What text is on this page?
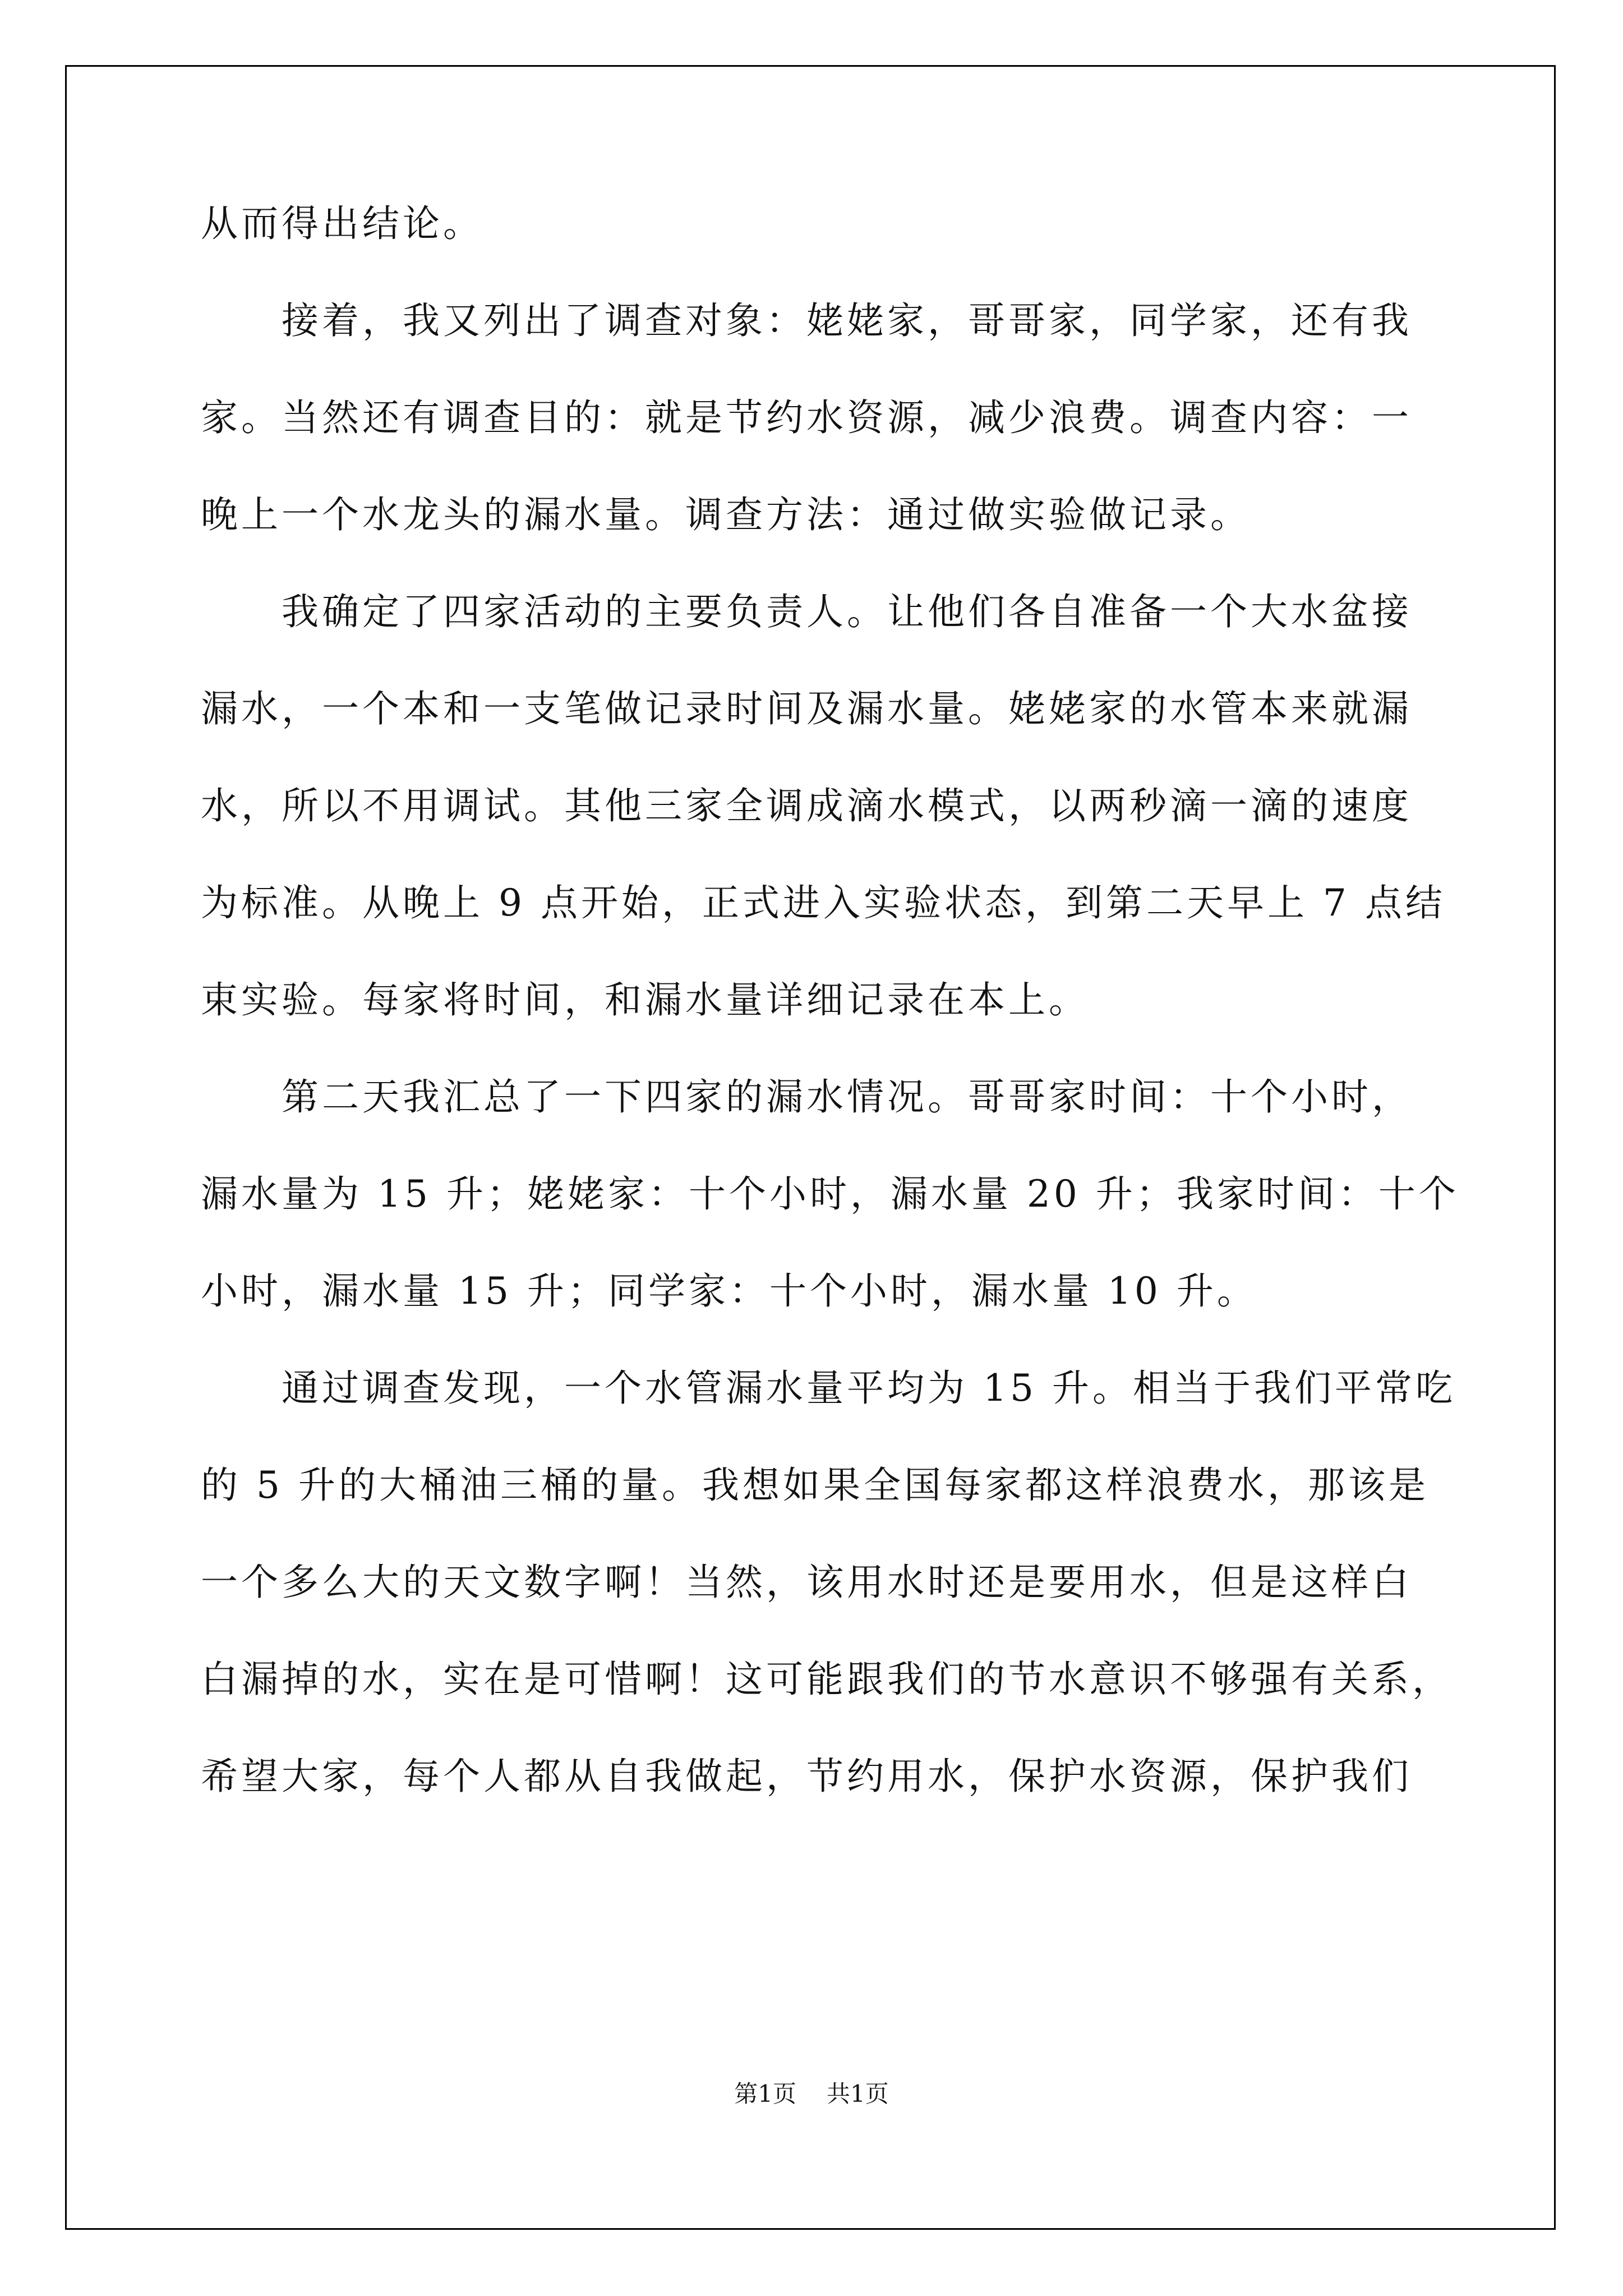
从而得出结论。
接着，我又列出了调查对象：姥姥家，哥哥家，同学家，还有我
家。当然还有调查目的：就是节约水资源，减少浪费。调查内容：一
晚上一个水龙头的漏水量。调查方法：通过做实验做记录。
我确定了四家活动的主要负责人。让他们各自准备一个大水盆接
漏水，一个本和一支笔做记录时间及漏水量。姥姥家的水管本来就漏
水，所以不用调试。其他三家全调成滴水模式，以两秒滴一滴的速度
为标准。从晚上 9 点开始，正式进入实验状态，到第二天早上 7 点结
束实验。每家将时间，和漏水量详细记录在本上。
第二天我汇总了一下四家的漏水情况。哥哥家时间：十个小时，
漏水量为 15 升；姥姥家：十个小时，漏水量 20 升；我家时间：十个
小时，漏水量 15 升；同学家：十个小时，漏水量 10 升。
通过调查发现，一个水管漏水量平均为 15 升。相当于我们平常吃
的 5 升的大桶油三桶的量。我想如果全国每家都这样浪费水，那该是
一个多么大的天文数字啊！当然，该用水时还是要用水，但是这样白
白漏掉的水，实在是可惜啊！这可能跟我们的节水意识不够强有关系，
希望大家，每个人都从自我做起，节约用水，保护水资源，保护我们
第1页 共1页
